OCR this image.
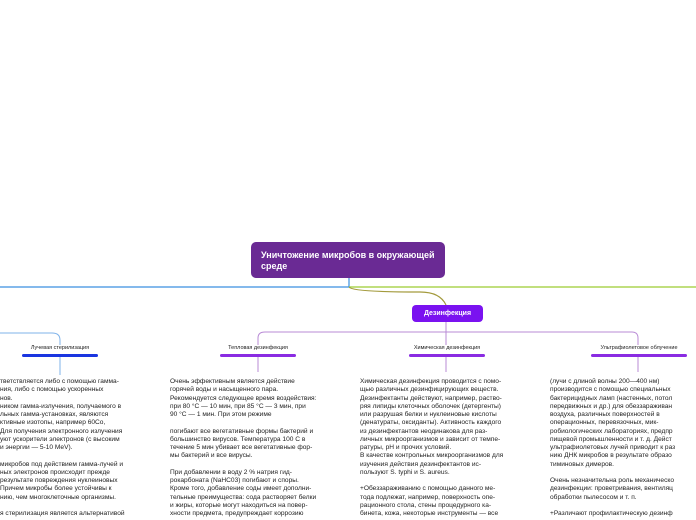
Уничтожение микробов в окружающей среде
Дезинфекция
Лучевая стерилизация	Тепловая дезинфекция	Химическая дезинфекция	Ультрафиолетовое облучение
тветствляется либо с помощью гамма-
ния, либо с помощью ускоренных
нов.
ником гамма-излучения, получаемого в
льных гамма-установках, являются
ктивные изотопы, например 60Co,
Для получения электронного излучения
уют ускорители электронов (с высоким
и энергии — 5-10 MeV).

микробов под действием гамма-лучей и
ных электронов происходит прежде
результате повреждения нуклеиновых
Причем микробы более устойчивы к
нию, чем многоклеточные организмы.

я стерилизация является альтернативой
Очень эффективным является действие
горячей воды и насыщенного пара.
Рекомендуется следующее время воздействия:
при 80 °С — 10 мин, при 85 °С — 3 мин, при
90 °С — 1 мин. При этом режиме

погибают все вегетативные формы бактерий и
большинство вирусов. Температура 100 С в
течение 5 мин убивает все вегетативные фор-
мы бактерий и все вирусы.

При добавлении в воду 2 % натрия гид-
рокарбоната (NaHC03) погибают и споры.
Кроме того, добавление соды имеет дополни-
тельные преимущества: сода растворяет белки
и жиры, которые могут находиться на повер-
хности предмета, предупреждает коррозию
Химическая дезинфекция проводится с помо-
щью различных дезинфицирующих веществ.
Дезинфектанты действуют, например, раство-
ряя липиды клеточных оболочек (детергенты)
или разрушая белки и нуклеиновые кислоты
(денатураты, оксиданты). Активность каждого
из дезинфектантов неодинакова для раз-
личных микроорганизмов и зависит от темпе-
ратуры, рН и прочих условий.
В качестве контрольных микроорганизмов для
изучения действия дезинфектантов ис-
пользуют S. typhi и S. aureus.

+Обеззараживанию с помощью данного ме-
тода подлежат, например, поверхность опе-
рационного стола, стены процедурного ка-
бинета, кожа, некоторые инструменты — все
(лучи с длиной волны 200—400 нм)
производится с помощью специальных
бактерицидных ламп (настенных, потол
передвижных и др.) для обеззараживан
воздуха, различных поверхностей в
операционных, перевязочных, мик-
робиологических лабораториях, предпр
пищевой промышленности и т. д. Дейст
ультрафиолетовых лучей приводит к раз
нию ДНК микробов в результате образо
тиминовых димеров.

Очень незначительна роль механическо
дезинфекции: проветривания, вентиляц
обработки пылесосом и т. п.

+Различают профилактическую дезинф
